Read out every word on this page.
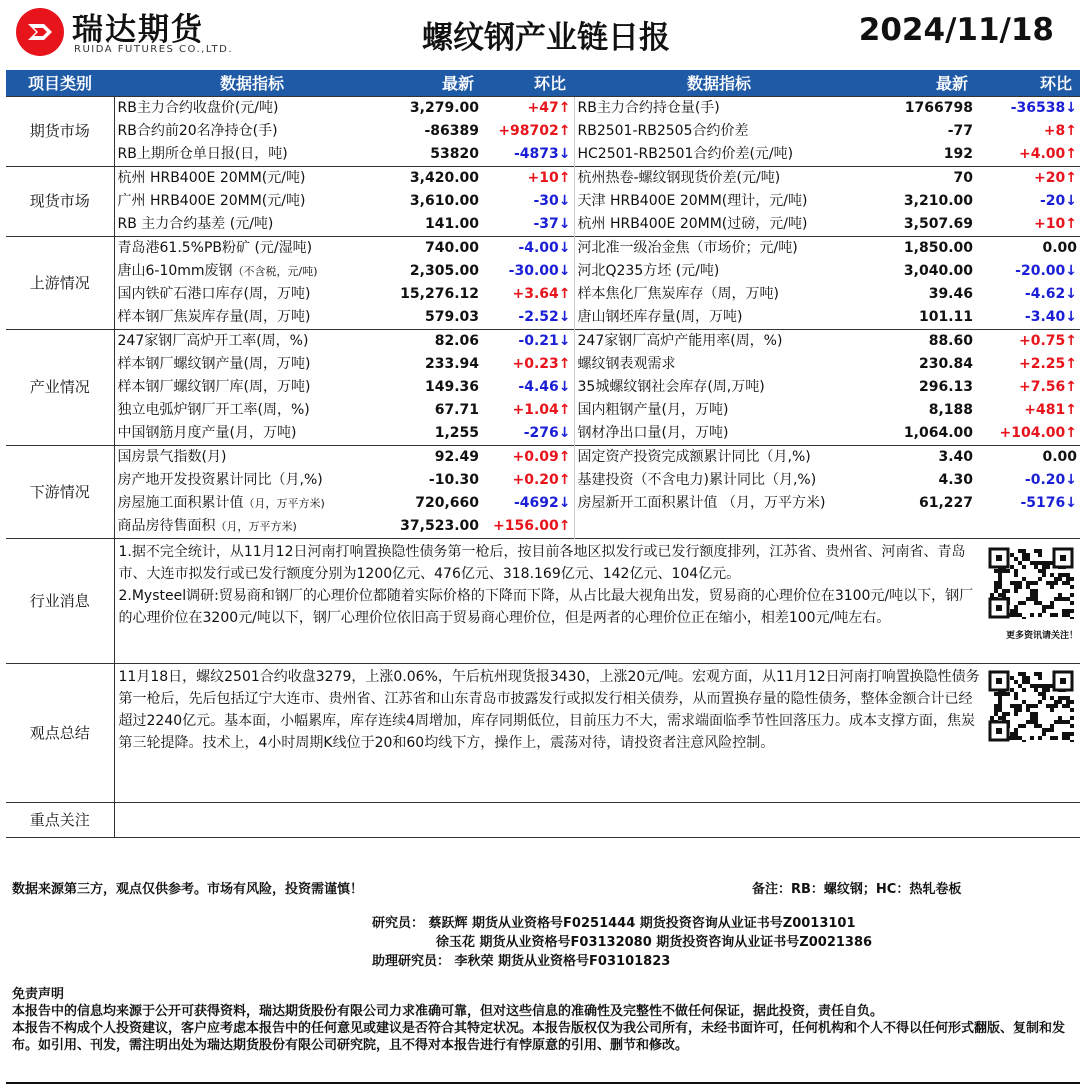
瑞达期货
RUIDA FUTURES CO.,LTD.	螺纹钢产业链日报	2024/11/18
项目类别	数据指标	最新	环比	数据指标	最新	环比
期货市场	RB主力合约收盘价(元/吨)	3,279.00	+47↑	RB主力合约持仓量(手)	1766798	-36538↓
	RB合约前20名净持仓(手)	-86389	+98702↑	RB2501-RB2505合约价差	-77	+8↑
	RB上期所仓单日报(日，吨)	53820	-4873↓	HC2501-RB2501合约价差(元/吨)	192	+4.00↑
现货市场	杭州 HRB400E 20MM(元/吨)	3,420.00	+10↑	杭州热卷-螺纹钢现货价差(元/吨)	70	+20↑
	广州 HRB400E 20MM(元/吨)	3,610.00	-30↓	天津 HRB400E 20MM(理计，元/吨)	3,210.00	-20↓
	RB 主力合约基差 (元/吨)	141.00	-37↓	杭州 HRB400E 20MM(过磅，元/吨)	3,507.69	+10↑
上游情况	青岛港61.5%PB粉矿 (元/湿吨)	740.00	-4.00↓	河北准一级冶金焦（市场价；元/吨)	1,850.00	0.00
	唐山6-10mm废钢（不含税，元/吨)	2,305.00	-30.00↓	河北Q235方坯 (元/吨)	3,040.00	-20.00↓
	国内铁矿石港口库存(周，万吨)	15,276.12	+3.64↑	样本焦化厂焦炭库存（周，万吨)	39.46	-4.62↓
	样本钢厂焦炭库存量(周，万吨)	579.03	-2.52↓	唐山钢坯库存量(周，万吨)	101.11	-3.40↓
产业情况	247家钢厂高炉开工率(周，%)	82.06	-0.21↓	247家钢厂高炉产能用率(周，%)	88.60	+0.75↑
	样本钢厂螺纹钢产量(周，万吨)	233.94	+0.23↑	螺纹钢表观需求	230.84	+2.25↑
	样本钢厂螺纹钢厂库(周，万吨)	149.36	-4.46↓	35城螺纹钢社会库存(周,万吨)	296.13	+7.56↑
	独立电弧炉钢厂开工率(周，%)	67.71	+1.04↑	国内粗钢产量(月，万吨)	8,188	+481↑
	中国钢筋月度产量(月，万吨)	1,255	-276↓	钢材净出口量(月，万吨)	1,064.00	+104.00↑
下游情况	国房景气指数(月)	92.49	+0.09↑	固定资产投资完成额累计同比（月,%)	3.40	0.00
	房产地开发投资累计同比（月,%)	-10.30	+0.20↑	基建投资（不含电力)累计同比（月,%)	4.30	-0.20↓
	房屋施工面积累计值（月，万平方米)	720,660	-4692↓	房屋新开工面积累计值 （月，万平方米)	61,227	-5176↓
	商品房待售面积（月，万平方米)	37,523.00	+156.00↑			
行业消息	1.据不完全统计，从11月12日河南打响置换隐性债务第一枪后，按目前各地区拟发行或已发行额度排列，江苏省、贵州省、河南省、青岛市、大连市拟发行或已发行额度分别为1200亿元、476亿元、318.169亿元、142亿元、104亿元。
2.Mysteel调研:贸易商和钢厂的心理价位都随着实际价格的下降而下降，从占比最大视角出发，贸易商的心理价位在3100元/吨以下，钢厂的心理价位在3200元/吨以下，钢厂心理价位依旧高于贸易商心理价位，但是两者的心理价位正在缩小，相差100元/吨左右。
更多资讯请关注！					

观点总结	11月18日，螺纹2501合约收盘3279，上涨0.06%，午后杭州现货报3430，上涨20元/吨。宏观方面，从11月12日河南打响置换隐性债务第一枪后，先后包括辽宁大连市、贵州省、江苏省和山东青岛市披露发行或拟发行相关债券，从而置换存量的隐性债务，整体金额合计已经超过2240亿元。基本面，小幅累库，库存连续4周增加，库存同期低位，目前压力不大，需求端面临季节性回落压力。成本支撑方面，焦炭第三轮提降。技术上，4小时周期K线位于20和60均线下方，操作上，震荡对待，请投资者注意风险控制。					

重点关注						
数据来源第三方，观点仅供参考。市场有风险，投资需谨慎！	备注：RB：螺纹钢；HC：热轧卷板
研究员： 蔡跃辉 期货从业资格号F0251444 期货投资咨询从业证书号Z0013101
徐玉花 期货从业资格号F03132080 期货投资咨询从业证书号Z0021386
助理研究员： 李秋荣 期货从业资格号F03101823
免责声明
本报告中的信息均来源于公开可获得资料，瑞达期货股份有限公司力求准确可靠，但对这些信息的准确性及完整性不做任何保证，据此投资，责任自负。
本报告不构成个人投资建议，客户应考虑本报告中的任何意见或建议是否符合其特定状况。本报告版权仅为我公司所有，未经书面许可，任何机构和个人不得以任何形式翻版、复制和发布。如引用、刊发，需注明出处为瑞达期货股份有限公司研究院，且不得对本报告进行有悖原意的引用、删节和修改。
